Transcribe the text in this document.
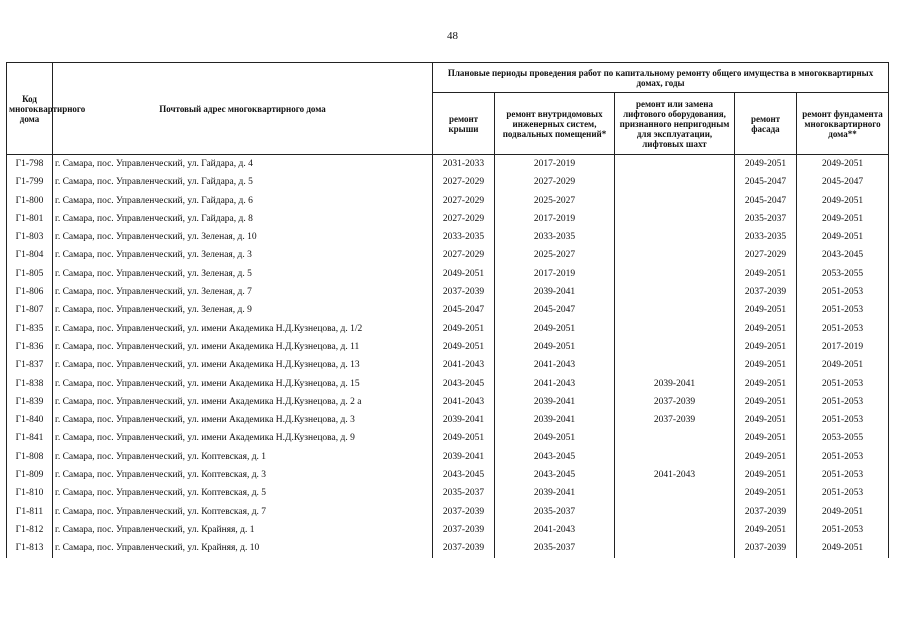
48
Код многоквартирного дома	Почтовый адрес многоквартирного дома	Плановые периоды проведения работ по капитальному ремонту общего имущества в многоквартирных домах, годы				
		ремонт крыши	ремонт внутридомовых инженерных систем, подвальных помещений*	ремонт или замена лифтового оборудования, признанного непригодным для эксплуатации, лифтовых шахт	ремонт фасада	ремонт фундамента многоквартирного дома**
Г1-798	г. Самара, пос. Управленческий, ул. Гайдара, д. 4	2031-2033	2017-2019		2049-2051	2049-2051
Г1-799	г. Самара, пос. Управленческий, ул. Гайдара, д. 5	2027-2029	2027-2029		2045-2047	2045-2047
Г1-800	г. Самара, пос. Управленческий, ул. Гайдара, д. 6	2027-2029	2025-2027		2045-2047	2049-2051
Г1-801	г. Самара, пос. Управленческий, ул. Гайдара, д. 8	2027-2029	2017-2019		2035-2037	2049-2051
Г1-803	г. Самара, пос. Управленческий, ул. Зеленая, д. 10	2033-2035	2033-2035		2033-2035	2049-2051
Г1-804	г. Самара, пос. Управленческий, ул. Зеленая, д. 3	2027-2029	2025-2027		2027-2029	2043-2045
Г1-805	г. Самара, пос. Управленческий, ул. Зеленая, д. 5	2049-2051	2017-2019		2049-2051	2053-2055
Г1-806	г. Самара, пос. Управленческий, ул. Зеленая, д. 7	2037-2039	2039-2041		2037-2039	2051-2053
Г1-807	г. Самара, пос. Управленческий, ул. Зеленая, д. 9	2045-2047	2045-2047		2049-2051	2051-2053
Г1-835	г. Самара, пос. Управленческий, ул. имени Академика Н.Д.Кузнецова, д. 1/2	2049-2051	2049-2051		2049-2051	2051-2053
Г1-836	г. Самара, пос. Управленческий, ул. имени Академика Н.Д.Кузнецова, д. 11	2049-2051	2049-2051		2049-2051	2017-2019
Г1-837	г. Самара, пос. Управленческий, ул. имени Академика Н.Д.Кузнецова, д. 13	2041-2043	2041-2043		2049-2051	2049-2051
Г1-838	г. Самара, пос. Управленческий, ул. имени Академика Н.Д.Кузнецова, д. 15	2043-2045	2041-2043	2039-2041	2049-2051	2051-2053
Г1-839	г. Самара, пос. Управленческий, ул. имени Академика Н.Д.Кузнецова, д. 2 а	2041-2043	2039-2041	2037-2039	2049-2051	2051-2053
Г1-840	г. Самара, пос. Управленческий, ул. имени Академика Н.Д.Кузнецова, д. 3	2039-2041	2039-2041	2037-2039	2049-2051	2051-2053
Г1-841	г. Самара, пос. Управленческий, ул. имени Академика Н.Д.Кузнецова, д. 9	2049-2051	2049-2051		2049-2051	2053-2055
Г1-808	г. Самара, пос. Управленческий, ул. Коптевская, д. 1	2039-2041	2043-2045		2049-2051	2051-2053
Г1-809	г. Самара, пос. Управленческий, ул. Коптевская, д. 3	2043-2045	2043-2045	2041-2043	2049-2051	2051-2053
Г1-810	г. Самара, пос. Управленческий, ул. Коптевская, д. 5	2035-2037	2039-2041		2049-2051	2051-2053
Г1-811	г. Самара, пос. Управленческий, ул. Коптевская, д. 7	2037-2039	2035-2037		2037-2039	2049-2051
Г1-812	г. Самара, пос. Управленческий, ул. Крайняя, д. 1	2037-2039	2041-2043		2049-2051	2051-2053
Г1-813	г. Самара, пос. Управленческий, ул. Крайняя, д. 10	2037-2039	2035-2037		2037-2039	2049-2051
